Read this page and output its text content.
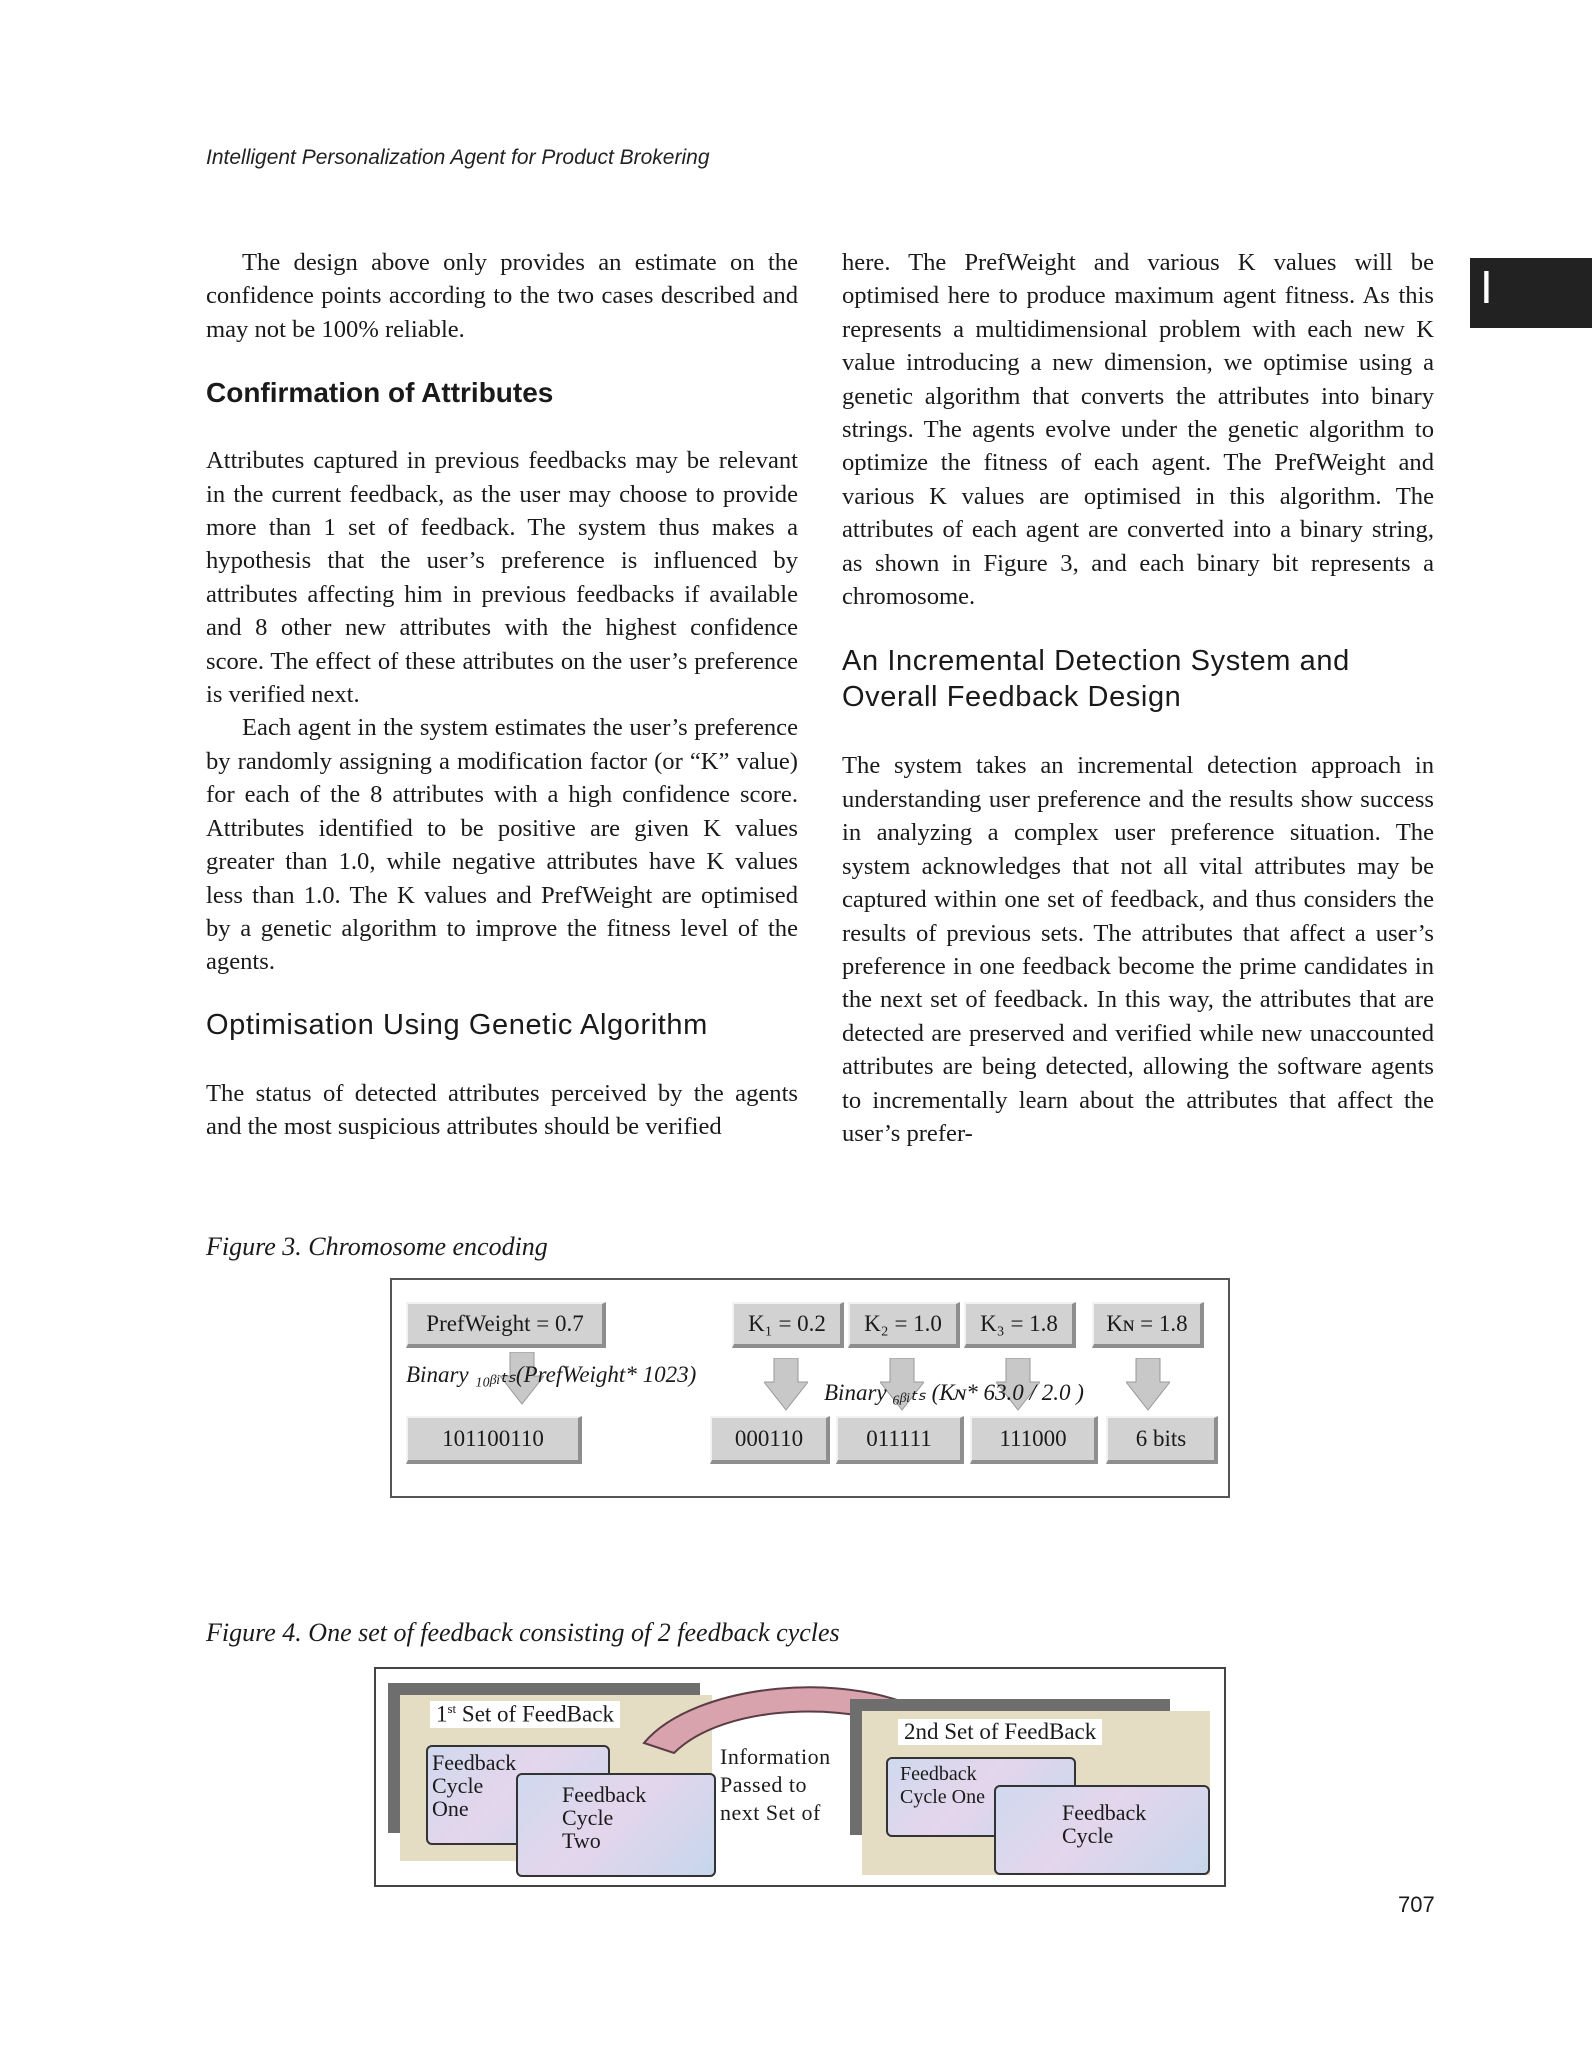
Intelligent Personalization Agent for Product Brokering
I

The design above only provides an estimate on the confidence points according to the two cases described and may not be 100% reliable.

Confirmation of Attributes

Attributes captured in previous feedbacks may be relevant in the current feedback, as the user may choose to provide more than 1 set of feedback. The system thus makes a hypothesis that the user’s preference is influenced by attributes affecting him in previous feedbacks if available and 8 other new attributes with the highest confidence score. The effect of these attributes on the user’s preference is verified next.

Each agent in the system estimates the user’s preference by randomly assigning a modification factor (or “K” value) for each of the 8 attributes with a high confidence score. Attributes identified to be positive are given K values greater than 1.0, while negative attributes have K values less than 1.0. The K values and PrefWeight are optimised by a genetic algorithm to improve the fitness level of the agents.

Optimisation Using Genetic Algorithm

The status of detected attributes perceived by the agents and the most suspicious attributes should be verified

here. The PrefWeight and various K values will be optimised here to produce maximum agent fitness. As this represents a multidimensional problem with each new K value introducing a new dimension, we optimise using a genetic algorithm that converts the attributes into binary strings. The agents evolve under the genetic algorithm to optimize the fitness of each agent. The PrefWeight and various K values are optimised in this algorithm. The attributes of each agent are converted into a binary string, as shown in Figure 3, and each binary bit represents a chromosome.

An Incremental Detection System and Overall Feedback Design

The system takes an incremental detection approach in understanding user preference and the results show success in analyzing a complex user preference situation. The system acknowledges that not all vital attributes may be captured within one set of feedback, and thus considers the results of previous sets. The attributes that affect a user’s preference in one feedback become the prime candidates in the next set of feedback. In this way, the attributes that are detected are preserved and verified while new unaccounted attributes are being detected, allowing the software agents to incrementally learn about the attributes that affect the user’s prefer-

Figure 3. Chromosome encoding
PrefWeight = 0.7	K₁ = 0.2	K₂ = 1.0	K₃ = 1.8	Kɴ = 1.8
Binary ₁₀ᵦᵢₜₛ(PrefWeight* 1023)
Binary ₆ᵦᵢₜₛ (Kɴ* 63.0 / 2.0 )
101100110	000110	011111	111000	6 bits
Figure 4. One set of feedback consisting of 2 feedback cycles
1st Set of FeedBack
Feedback
Cycle
One
Feedback
Cycle
Two
Information
Passed to
next Set of
2nd Set of FeedBack
Feedback
Cycle One
Feedback
Cycle
707
